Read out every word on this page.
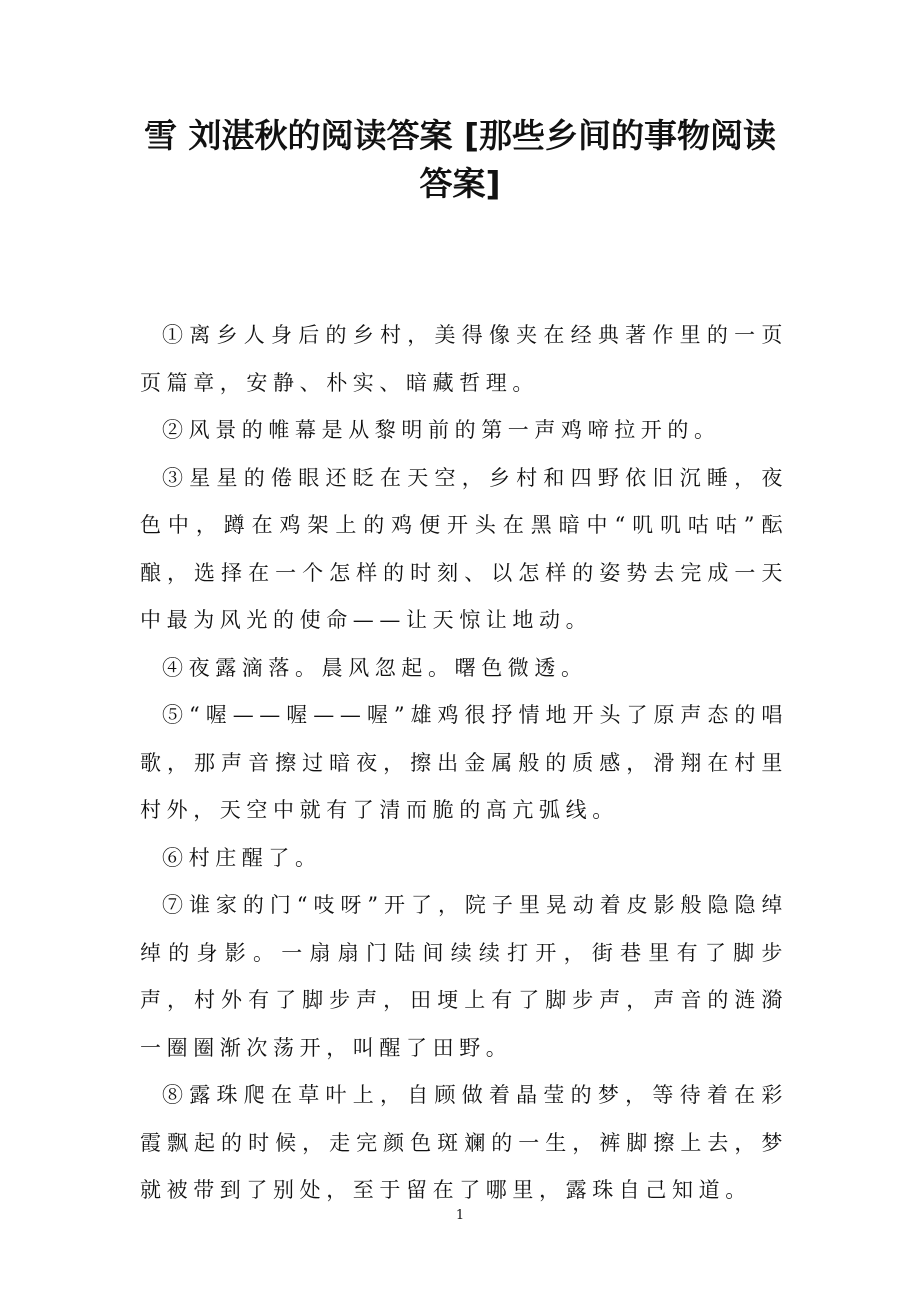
雪 刘湛秋的阅读答案 [那些乡间的事物阅读答案]

①离乡人身后的乡村，美得像夹在经典著作里的一页页篇章，安静、朴实、暗藏哲理。

②风景的帷幕是从黎明前的第一声鸡啼拉开的。

③星星的倦眼还眨在天空，乡村和四野依旧沉睡，夜色中，蹲在鸡架上的鸡便开头在黑暗中“叽叽咕咕”酝酿，选择在一个怎样的时刻、以怎样的姿势去完成一天中最为风光的使命——让天惊让地动。

④夜露滴落。晨风忽起。曙色微透。

⑤“喔——喔——喔”雄鸡很抒情地开头了原声态的唱歌，那声音擦过暗夜，擦出金属般的质感，滑翔在村里村外，天空中就有了清而脆的高亢弧线。

⑥村庄醒了。

⑦谁家的门“吱呀”开了，院子里晃动着皮影般隐隐绰绰的身影。一扇扇门陆间续续打开，街巷里有了脚步声，村外有了脚步声，田埂上有了脚步声，声音的涟漪一圈圈渐次荡开，叫醒了田野。

⑧露珠爬在草叶上，自顾做着晶莹的梦，等待着在彩霞飘起的时候，走完颜色斑斓的一生，裤脚擦上去，梦就被带到了别处，至于留在了哪里，露珠自己知道。

1
